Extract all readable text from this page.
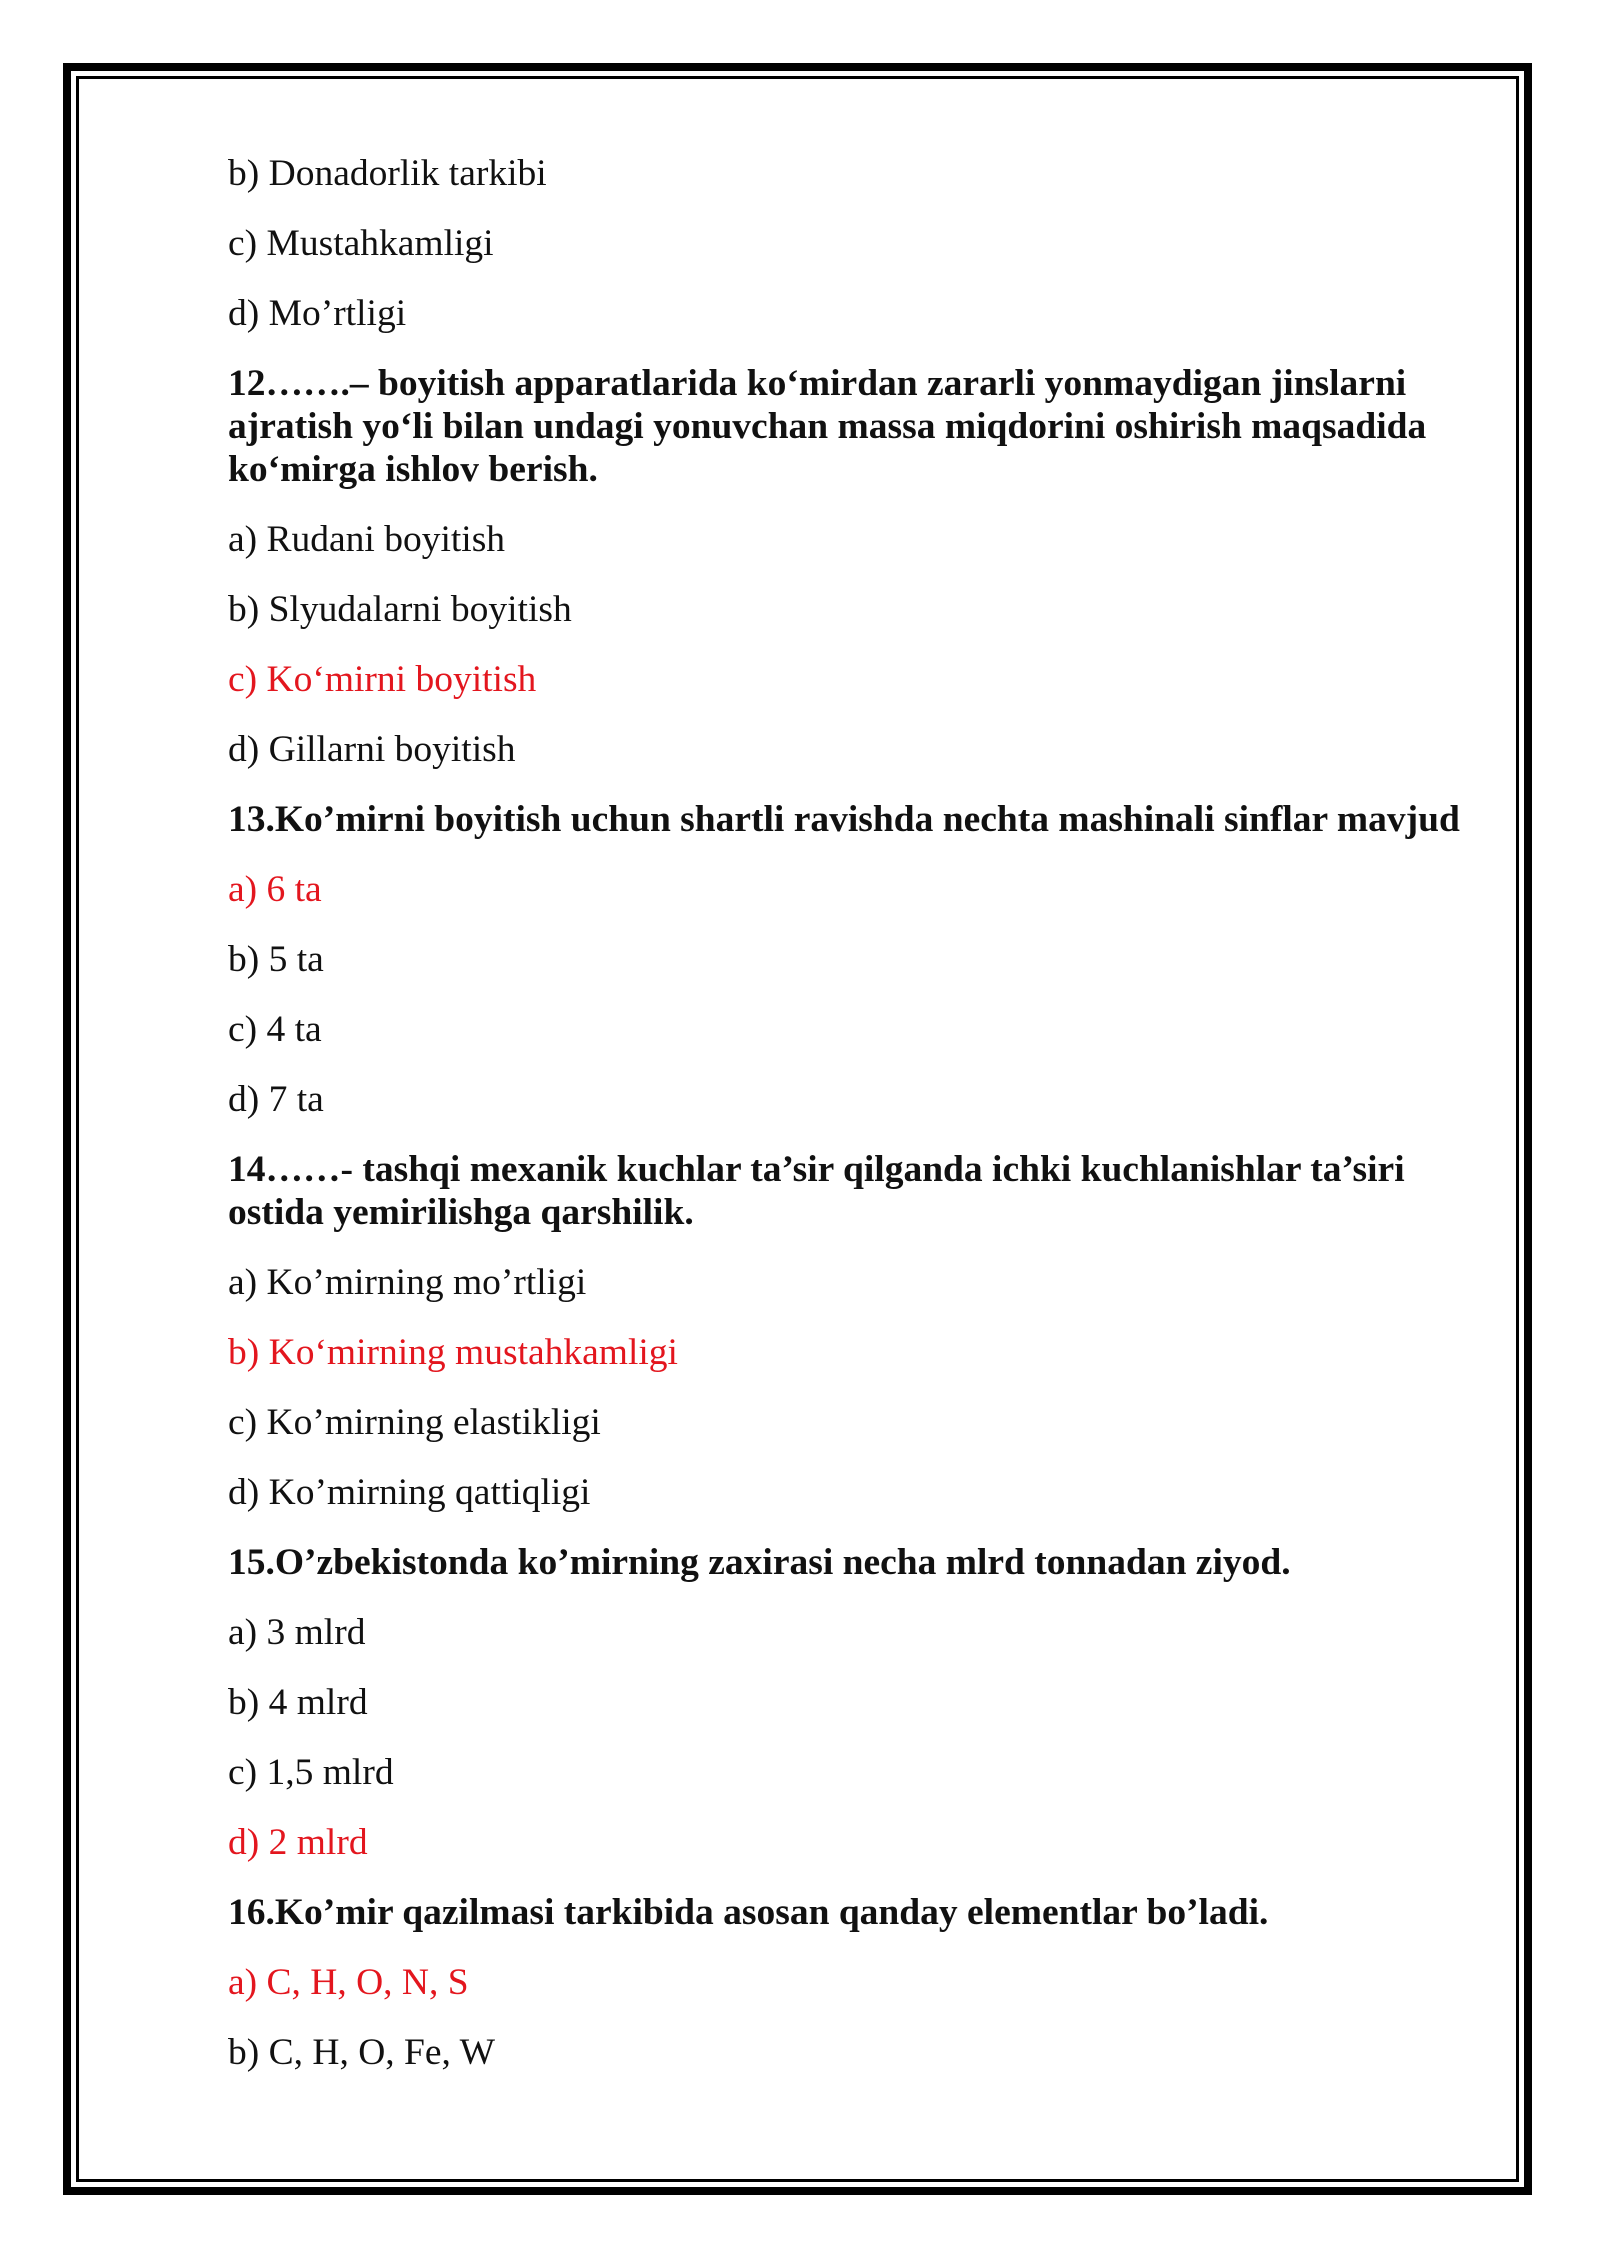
b) Donadorlik tarkibi

c) Mustahkamligi

d) Mo’rtligi

12…….– boyitish apparatlarida ko‘mirdan zararli yonmaydigan jinslarni ajratish yo‘li bilan undagi yonuvchan massa miqdorini oshirish maqsadida ko‘mirga ishlov berish.

a) Rudani boyitish

b) Slyudalarni boyitish

c) Ko‘mirni boyitish

d) Gillarni boyitish

13.Ko’mirni boyitish uchun shartli ravishda nechta mashinali sinflar mavjud

a) 6 ta

b) 5 ta

c) 4 ta

d) 7 ta

14……- tashqi mexanik kuchlar ta’sir qilganda ichki kuchlanishlar ta’siri ostida yemirilishga qarshilik.

a) Ko’mirning mo’rtligi

b) Ko‘mirning mustahkamligi

c) Ko’mirning elastikligi

d) Ko’mirning qattiqligi

15.O’zbekistonda ko’mirning zaxirasi necha mlrd tonnadan ziyod.

a) 3 mlrd

b) 4 mlrd

c) 1,5 mlrd

d) 2 mlrd

16.Ko’mir qazilmasi tarkibida asosan qanday elementlar bo’ladi.

a) C, H, O, N, S

b) C, H, O, Fe, W
